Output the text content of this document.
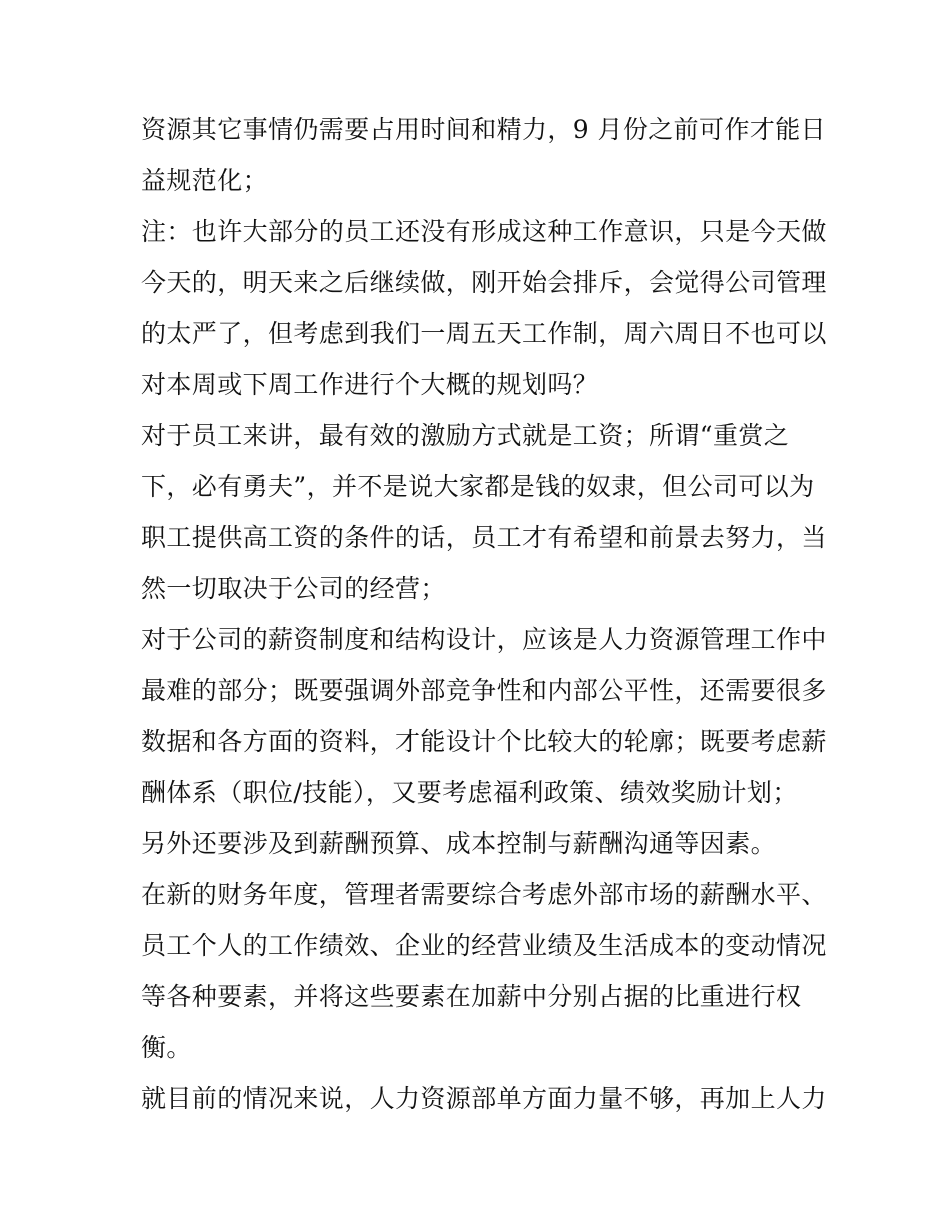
资源其它事情仍需要占用时间和精力，9 月份之前可作才能日
益规范化；
注：也许大部分的员工还没有形成这种工作意识，只是今天做
今天的，明天来之后继续做，刚开始会排斥，会觉得公司管理
的太严了，但考虑到我们一周五天工作制，周六周日不也可以
对本周或下周工作进行个大概的规划吗？
对于员工来讲，最有效的激励方式就是工资；所谓“重赏之
下，必有勇夫”，并不是说大家都是钱的奴隶，但公司可以为
职工提供高工资的条件的话，员工才有希望和前景去努力，当
然一切取决于公司的经营；
对于公司的薪资制度和结构设计，应该是人力资源管理工作中
最难的部分；既要强调外部竞争性和内部公平性，还需要很多
数据和各方面的资料，才能设计个比较大的轮廓；既要考虑薪
酬体系（职位/技能），又要考虑福利政策、绩效奖励计划；
另外还要涉及到薪酬预算、成本控制与薪酬沟通等因素。
在新的财务年度，管理者需要综合考虑外部市场的薪酬水平、
员工个人的工作绩效、企业的经营业绩及生活成本的变动情况
等各种要素，并将这些要素在加薪中分别占据的比重进行权
衡。
就目前的情况来说，人力资源部单方面力量不够，再加上人力
